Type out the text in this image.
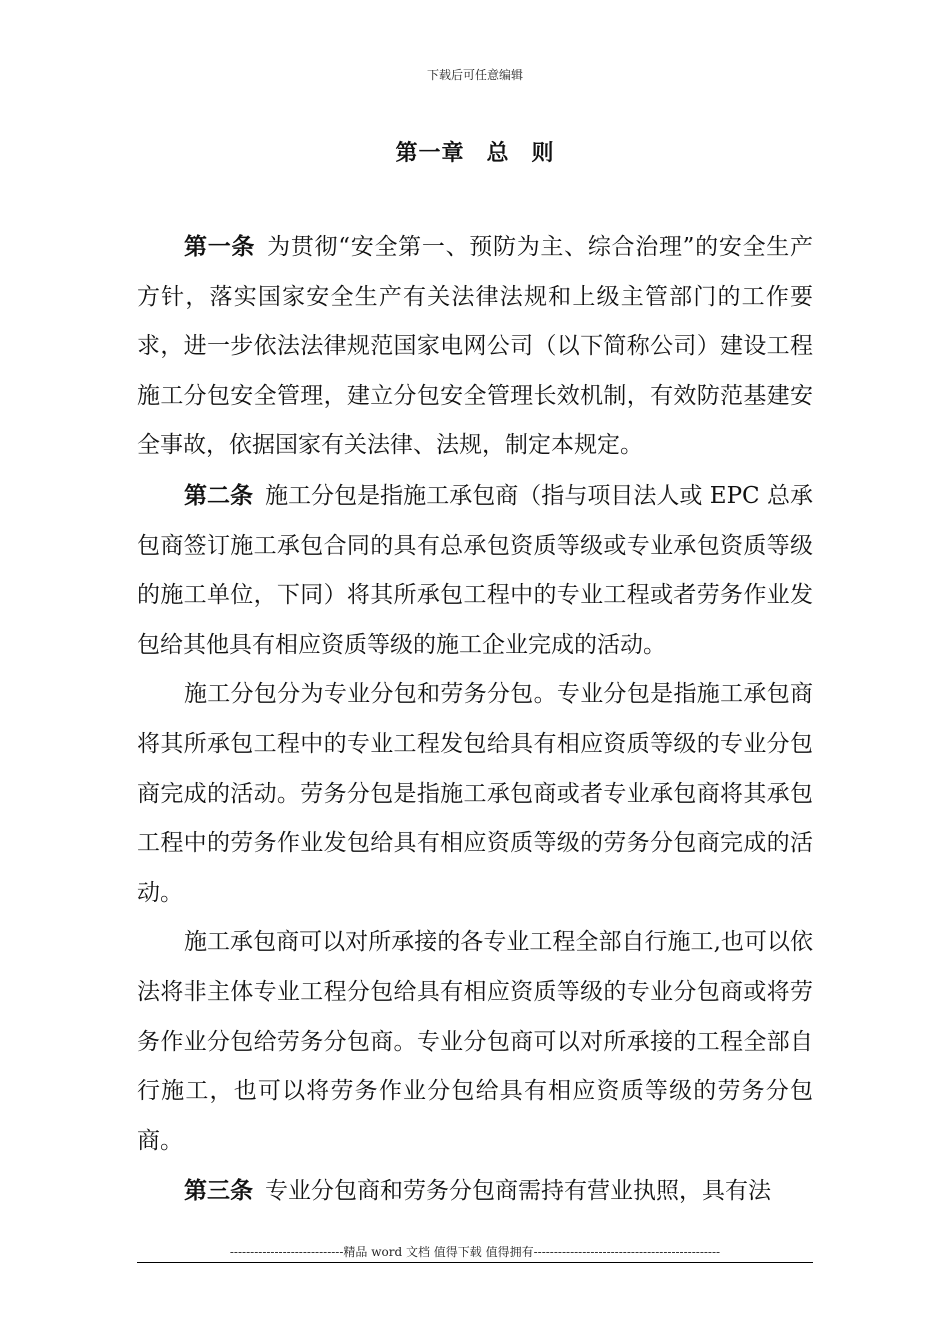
下载后可任意编辑
第一章 总 则

第一条 为贯彻“安全第一、预防为主、综合治理”的安全生产方针，落实国家安全生产有关法律法规和上级主管部门的工作要求，进一步依法法律规范国家电网公司（以下简称公司）建设工程施工分包安全管理，建立分包安全管理长效机制，有效防范基建安全事故，依据国家有关法律、法规，制定本规定。

第二条 施工分包是指施工承包商（指与项目法人或 EPC 总承包商签订施工承包合同的具有总承包资质等级或专业承包资质等级的施工单位，下同）将其所承包工程中的专业工程或者劳务作业发包给其他具有相应资质等级的施工企业完成的活动。

施工分包分为专业分包和劳务分包。专业分包是指施工承包商将其所承包工程中的专业工程发包给具有相应资质等级的专业分包商完成的活动。劳务分包是指施工承包商或者专业承包商将其承包工程中的劳务作业发包给具有相应资质等级的劳务分包商完成的活动。

施工承包商可以对所承接的各专业工程全部自行施工,也可以依法将非主体专业工程分包给具有相应资质等级的专业分包商或将劳务作业分包给劳务分包商。专业分包商可以对所承接的工程全部自行施工，也可以将劳务作业分包给具有相应资质等级的劳务分包商。

第三条 专业分包商和劳务分包商需持有营业执照，具有法

----------------------------精品 word 文档 值得下载 值得拥有----------------------------------------------
